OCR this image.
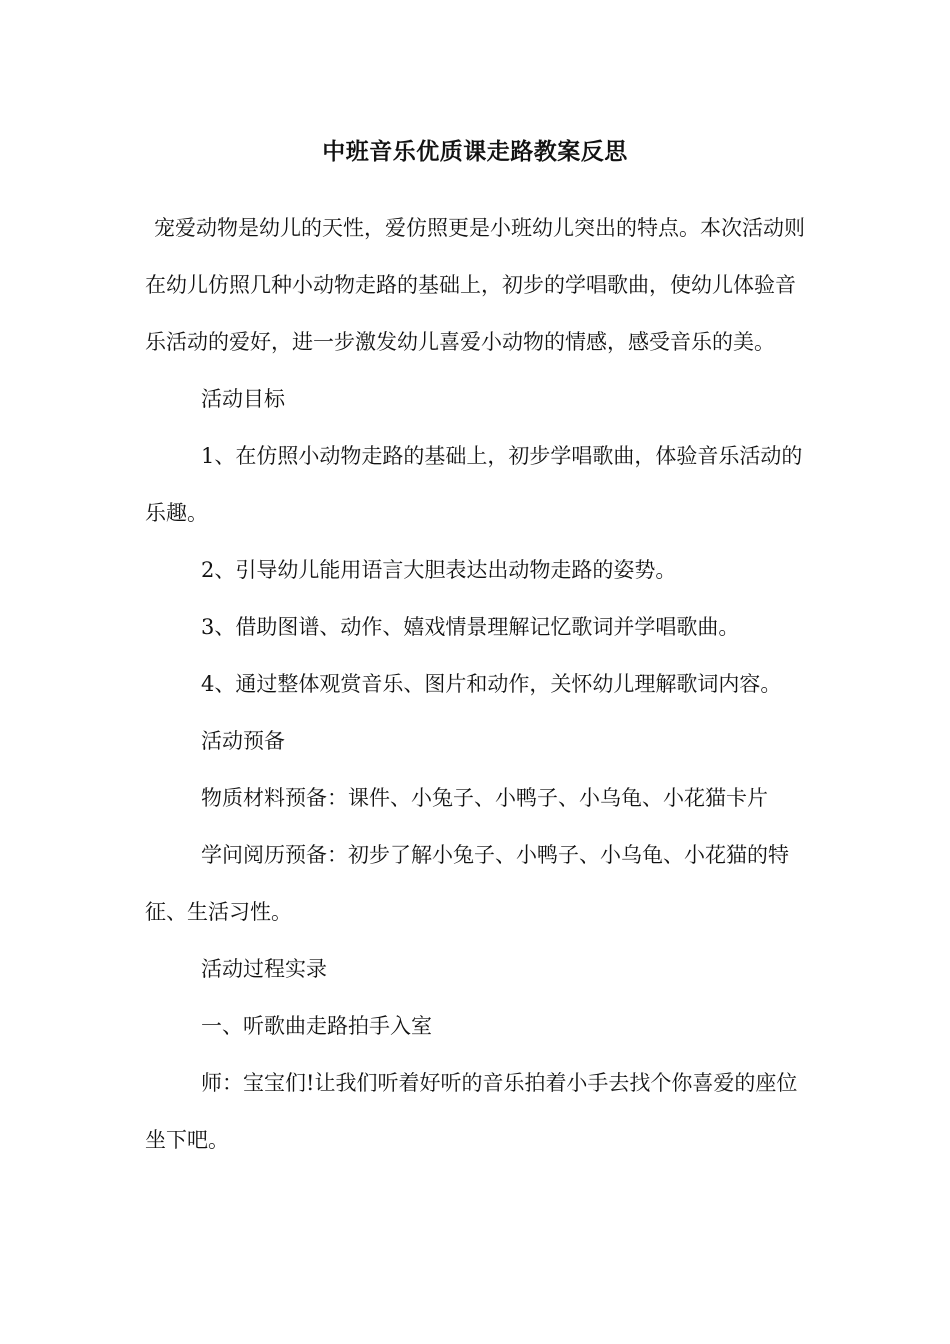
中班音乐优质课走路教案反思

宠爱动物是幼儿的天性，爱仿照更是小班幼儿突出的特点。本次活动则在幼儿仿照几种小动物走路的基础上，初步的学唱歌曲，使幼儿体验音乐活动的爱好，进一步激发幼儿喜爱小动物的情感，感受音乐的美。

活动目标

1、在仿照小动物走路的基础上，初步学唱歌曲，体验音乐活动的乐趣。

2、引导幼儿能用语言大胆表达出动物走路的姿势。

3、借助图谱、动作、嬉戏情景理解记忆歌词并学唱歌曲。

4、通过整体观赏音乐、图片和动作，关怀幼儿理解歌词内容。

活动预备

物质材料预备：课件、小兔子、小鸭子、小乌龟、小花猫卡片

学问阅历预备：初步了解小兔子、小鸭子、小乌龟、小花猫的特征、生活习性。

活动过程实录

一、听歌曲走路拍手入室

师：宝宝们!让我们听着好听的音乐拍着小手去找个你喜爱的座位坐下吧。
